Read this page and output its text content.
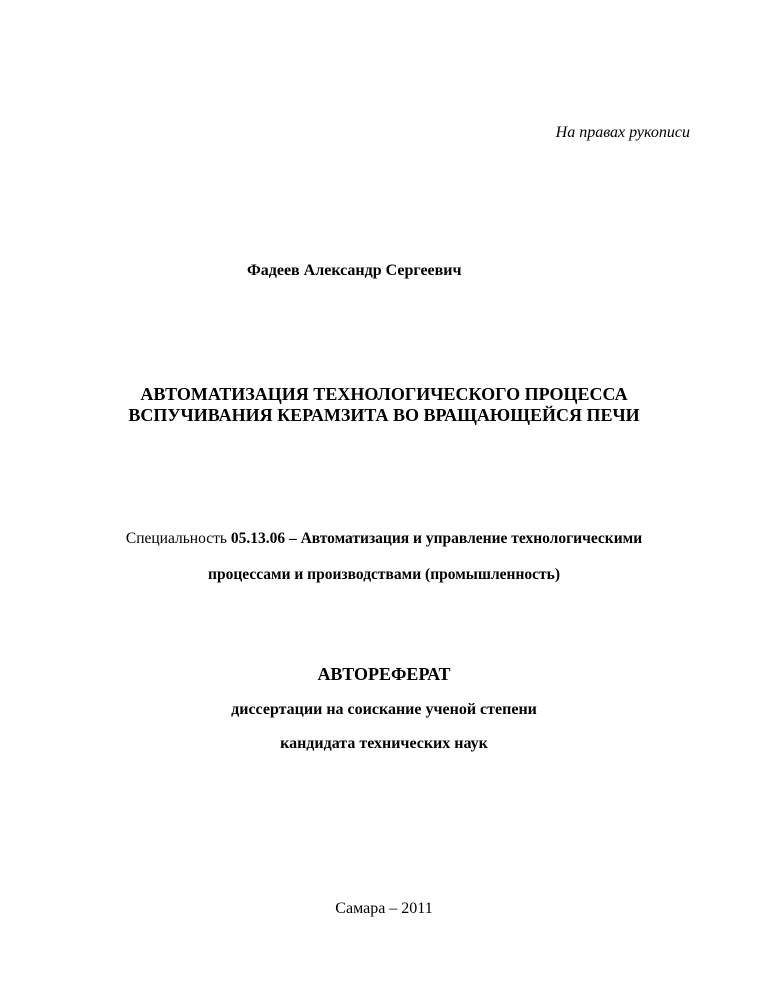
На правах рукописи
Фадеев Александр Сергеевич
АВТОМАТИЗАЦИЯ ТЕХНОЛОГИЧЕСКОГО ПРОЦЕССА
ВСПУЧИВАНИЯ КЕРАМЗИТА ВО ВРАЩАЮЩЕЙСЯ ПЕЧИ
Специальность 05.13.06 – Автоматизация и управление технологическими
процессами и производствами (промышленность)
АВТОРЕФЕРАТ
диссертации на соискание ученой степени
кандидата технических наук
Самара – 2011
